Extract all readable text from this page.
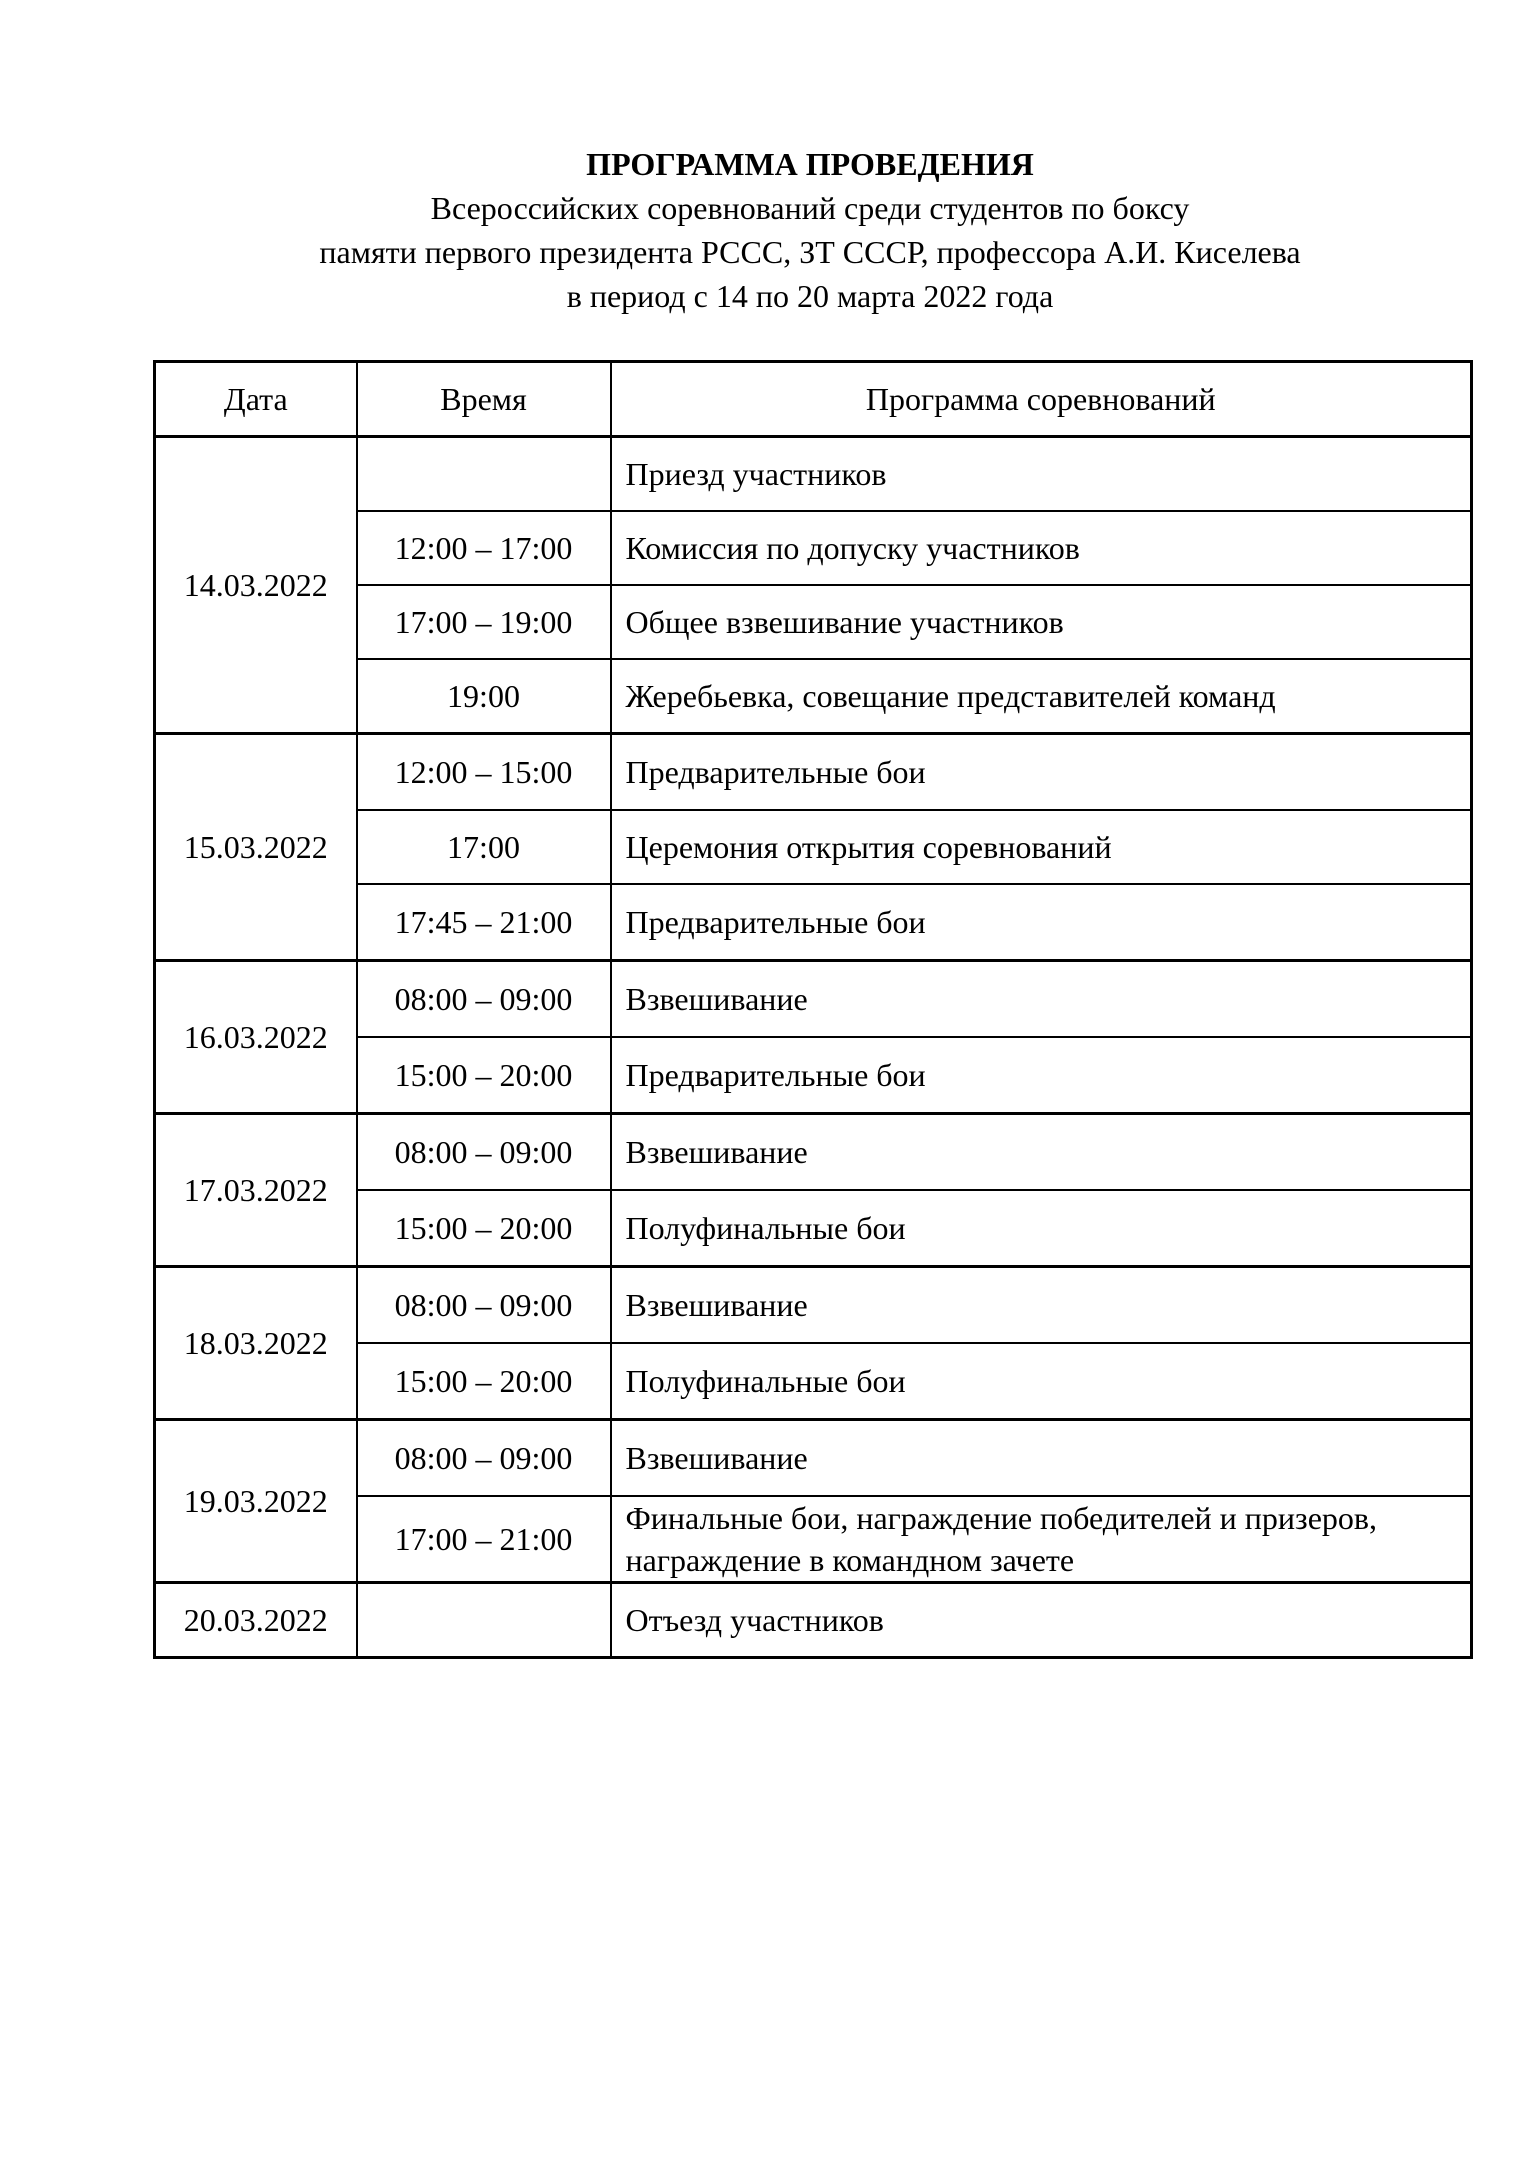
ПРОГРАММА ПРОВЕДЕНИЯ
Всероссийских соревнований среди студентов по боксу
памяти первого президента РССС, ЗТ СССР, профессора А.И. Киселева
в период с 14 по 20 марта 2022 года
Дата	Время	Программа соревнований
14.03.2022		Приезд участников
	12:00 – 17:00	Комиссия по допуску участников
	17:00 – 19:00	Общее взвешивание участников
	19:00	Жеребьевка, совещание представителей команд
15.03.2022	12:00 – 15:00	Предварительные бои
	17:00	Церемония открытия соревнований
	17:45 – 21:00	Предварительные бои
16.03.2022	08:00 – 09:00	Взвешивание
	15:00 – 20:00	Предварительные бои
17.03.2022	08:00 – 09:00	Взвешивание
	15:00 – 20:00	Полуфинальные бои
18.03.2022	08:00 – 09:00	Взвешивание
	15:00 – 20:00	Полуфинальные бои
19.03.2022	08:00 – 09:00	Взвешивание
	17:00 – 21:00	Финальные бои, награждение победителей и призеров, награждение в командном зачете
20.03.2022		Отъезд участников
